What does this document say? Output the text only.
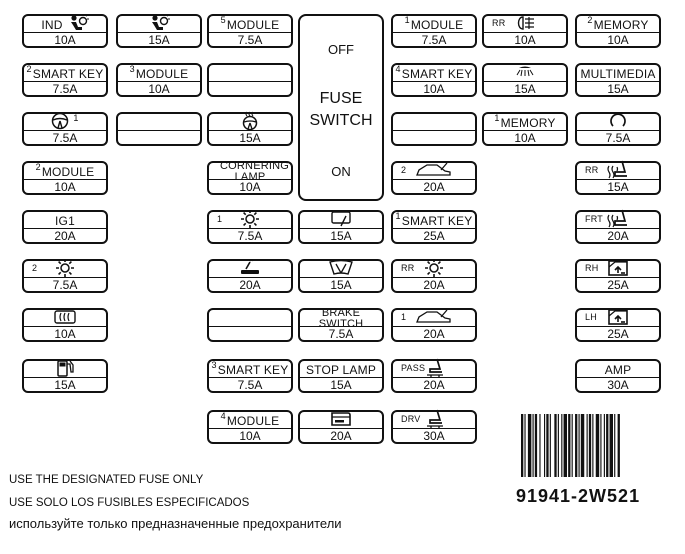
OFF
FUSE
SWITCH
ON
IND
10A	15A
5 MODULE
7.5A
1 MODULE
7.5A
RR
10A
2 MEMORY
10A
2 SMART KEY
7.5A
3 MODULE
10A
4 SMART KEY
10A	15A
MULTIMEDIA
15A
1
7.5A	15A
1 MEMORY
10A	7.5A
2 MODULE
10A
CORNERING LAMP
10A
2
20A
RR
15A
IG1
20A
1
7.5A	15A
1 SMART KEY
25A
FRT
20A
2
7.5A	20A	15A
RR
20A
RH
25A
10A
BRAKE SWITCH
7.5A
1
20A
LH
25A
15A
3 SMART KEY
7.5A
STOP LAMP
15A
PASS
20A
AMP
30A
4 MODULE
10A	20A
DRV
30A
USE THE DESIGNATED FUSE ONLY
USE SOLO LOS FUSIBLES ESPECIFICADOS
используйте только предназначенные предохранители
91941-2W521
